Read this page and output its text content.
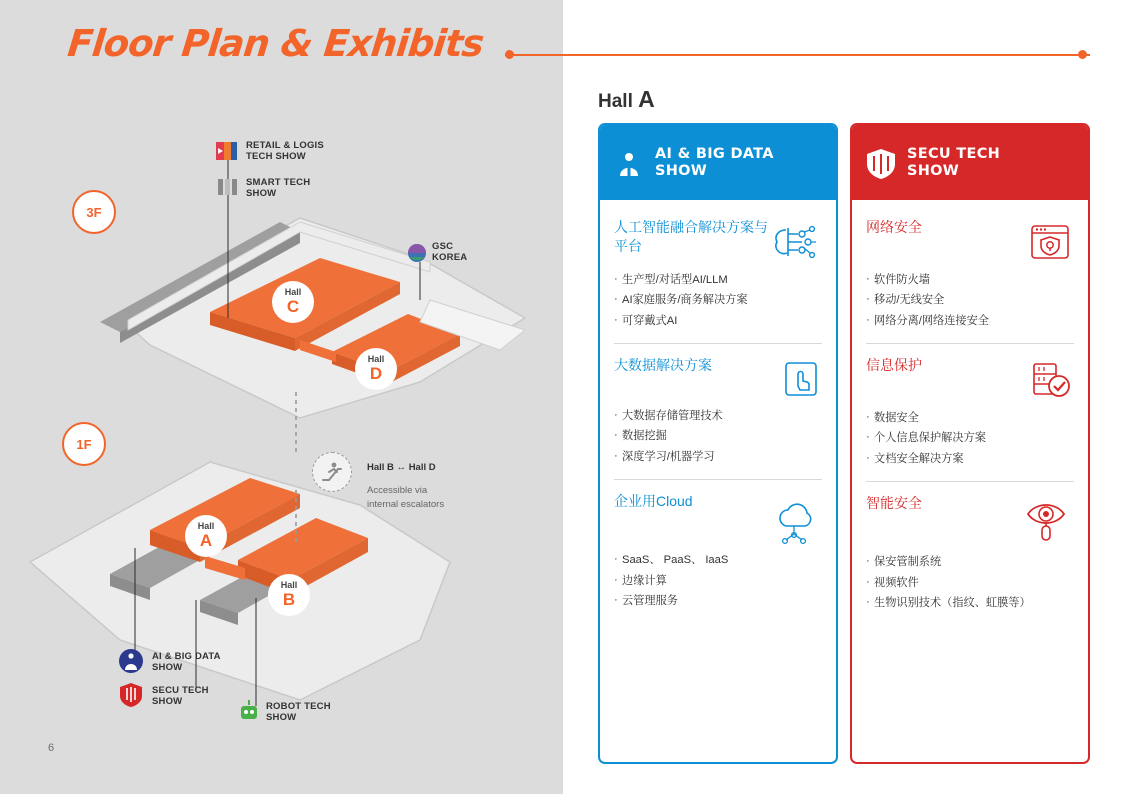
Floor Plan & Exhibits
3F
1F
Hall
C
Hall
D
Hall
A
Hall
B
RETAIL & LOGIS
TECH SHOW
SMART TECH
SHOW
GSC
KOREA
AI & BIG DATA
SHOW
SECU TECH
SHOW	ROBOT TECH
SHOW
Hall B ↔ Hall D
Accessible via
internal escalators
6
Hall A
AI & BIG DATA
SHOW
人工智能融合解决方案与平台
· 生产型/对话型AI/LLM
· AI家庭服务/商务解决方案
· 可穿戴式AI
大数据解决方案
· 大数据存储管理技术
· 数据挖掘
· 深度学习/机器学习
企业用Cloud
· SaaS、 PaaS、 IaaS
· 边缘计算
· 云管理服务
SECU TECH
SHOW
网络安全
· 软件防火墙
· 移动/无线安全
· 网络分离/网络连接安全
信息保护
· 数据安全
· 个人信息保护解决方案
· 文档安全解决方案
智能安全
· 保安管制系统
· 视频软件
· 生物识别技术（指纹、虹膜等）
